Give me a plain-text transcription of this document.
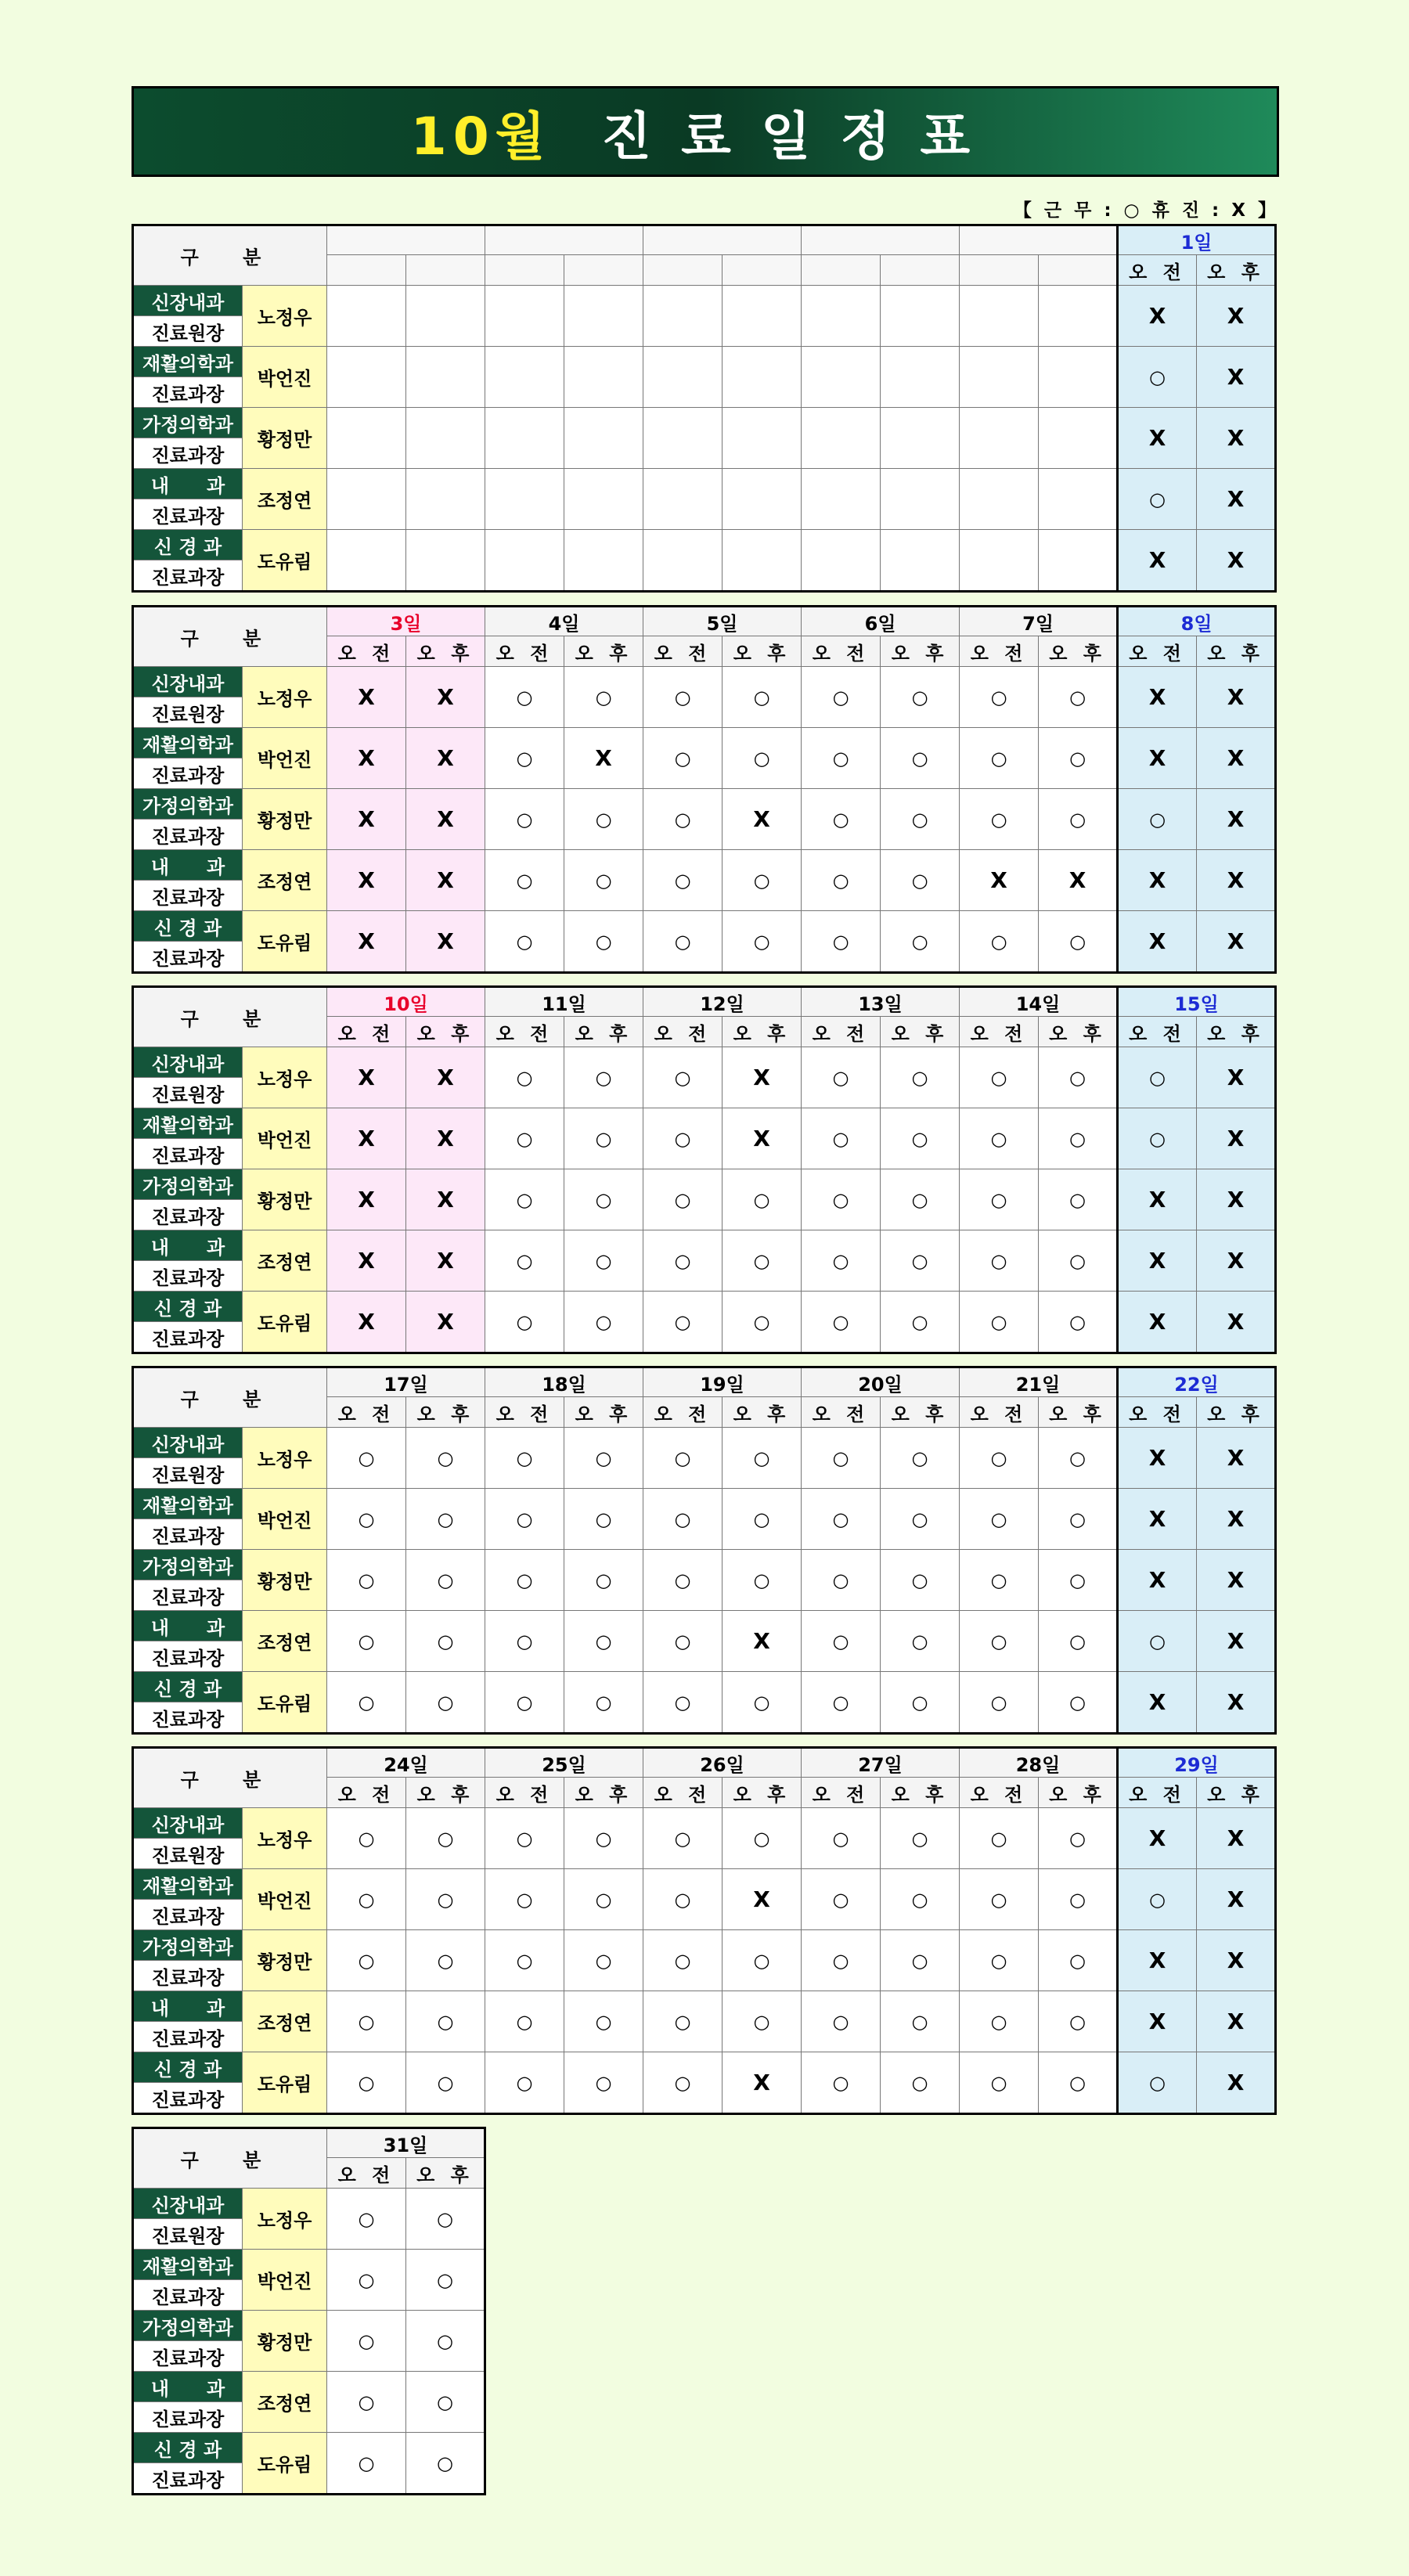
10월 진료일정표
【 근 무 : ○ 휴 진 : X 】
구 분												1일	
												오 전	오 후
신장내과	노정우											X	X
진료원장													
재활의학과	박언진											○	X
진료과장													
가정의학과	황정만											X	X
진료과장													
내　　과	조정연											○	X
진료과장													
신 경 과	도유림											X	X
진료과장													
구 분		3일		4일		5일		6일		7일		8일	
		오 전	오 후	오 전	오 후	오 전	오 후	오 전	오 후	오 전	오 후	오 전	오 후
신장내과	노정우	X	X	○	○	○	○	○	○	○	○	X	X
진료원장													
재활의학과	박언진	X	X	○	X	○	○	○	○	○	○	X	X
진료과장													
가정의학과	황정만	X	X	○	○	○	X	○	○	○	○	○	X
진료과장													
내　　과	조정연	X	X	○	○	○	○	○	○	X	X	X	X
진료과장													
신 경 과	도유림	X	X	○	○	○	○	○	○	○	○	X	X
진료과장													
구 분		10일		11일		12일		13일		14일		15일	
		오 전	오 후	오 전	오 후	오 전	오 후	오 전	오 후	오 전	오 후	오 전	오 후
신장내과	노정우	X	X	○	○	○	X	○	○	○	○	○	X
진료원장													
재활의학과	박언진	X	X	○	○	○	X	○	○	○	○	○	X
진료과장													
가정의학과	황정만	X	X	○	○	○	○	○	○	○	○	X	X
진료과장													
내　　과	조정연	X	X	○	○	○	○	○	○	○	○	X	X
진료과장													
신 경 과	도유림	X	X	○	○	○	○	○	○	○	○	X	X
진료과장													
구 분		17일		18일		19일		20일		21일		22일	
		오 전	오 후	오 전	오 후	오 전	오 후	오 전	오 후	오 전	오 후	오 전	오 후
신장내과	노정우	○	○	○	○	○	○	○	○	○	○	X	X
진료원장													
재활의학과	박언진	○	○	○	○	○	○	○	○	○	○	X	X
진료과장													
가정의학과	황정만	○	○	○	○	○	○	○	○	○	○	X	X
진료과장													
내　　과	조정연	○	○	○	○	○	X	○	○	○	○	○	X
진료과장													
신 경 과	도유림	○	○	○	○	○	○	○	○	○	○	X	X
진료과장													
구 분		24일		25일		26일		27일		28일		29일	
		오 전	오 후	오 전	오 후	오 전	오 후	오 전	오 후	오 전	오 후	오 전	오 후
신장내과	노정우	○	○	○	○	○	○	○	○	○	○	X	X
진료원장													
재활의학과	박언진	○	○	○	○	○	X	○	○	○	○	○	X
진료과장													
가정의학과	황정만	○	○	○	○	○	○	○	○	○	○	X	X
진료과장													
내　　과	조정연	○	○	○	○	○	○	○	○	○	○	X	X
진료과장													
신 경 과	도유림	○	○	○	○	○	X	○	○	○	○	○	X
진료과장													
구 분		31일	
		오 전	오 후
신장내과	노정우	○	○
진료원장			
재활의학과	박언진	○	○
진료과장			
가정의학과	황정만	○	○
진료과장			
내　　과	조정연	○	○
진료과장			
신 경 과	도유림	○	○
진료과장			
